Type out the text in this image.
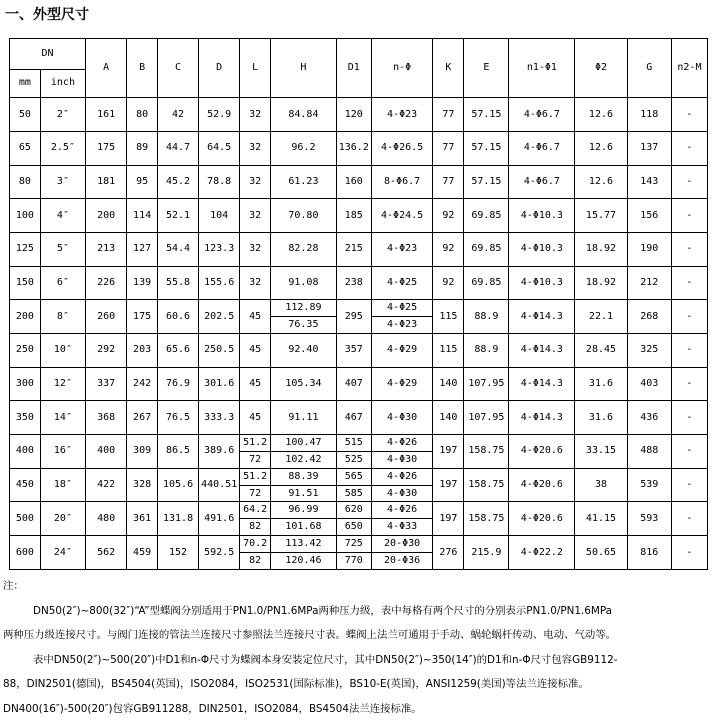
一、外型尺寸
DN		A	B	C	D	L	H	D1	n-Φ	K	E	n1-Φ1	Φ2	G	n2-M
mm	inch														
50	2″	161	80	42	52.9	32	84.84	120	4-Φ23	77	57.15	4-Φ6.7	12.6	118	-
65	2.5″	175	89	44.7	64.5	32	96.2	136.2	4-Φ26.5	77	57.15	4-Φ6.7	12.6	137	-
80	3″	181	95	45.2	78.8	32	61.23	160	8-Φ6.7	77	57.15	4-Φ6.7	12.6	143	-
100	4″	200	114	52.1	104	32	70.80	185	4-Φ24.5	92	69.85	4-Φ10.3	15.77	156	-
125	5″	213	127	54.4	123.3	32	82.28	215	4-Φ23	92	69.85	4-Φ10.3	18.92	190	-
150	6″	226	139	55.8	155.6	32	91.08	238	4-Φ25	92	69.85	4-Φ10.3	18.92	212	-
200	8″	260	175	60.6	202.5	45	112.89	295	4-Φ25	115	88.9	4-Φ14.3	22.1	268	-
							76.35		4-Φ23						
250	10″	292	203	65.6	250.5	45	92.40	357	4-Φ29	115	88.9	4-Φ14.3	28.45	325	-
300	12″	337	242	76.9	301.6	45	105.34	407	4-Φ29	140	107.95	4-Φ14.3	31.6	403	-
350	14″	368	267	76.5	333.3	45	91.11	467	4-Φ30	140	107.95	4-Φ14.3	31.6	436	-
400	16″	400	309	86.5	389.6	51.2	100.47	515	4-Φ26	197	158.75	4-Φ20.6	33.15	488	-
						72	102.42	525	4-Φ30						
450	18″	422	328	105.6	440.51	51.2	88.39	565	4-Φ26	197	158.75	4-Φ20.6	38	539	-
						72	91.51	585	4-Φ30						
500	20″	480	361	131.8	491.6	64.2	96.99	620	4-Φ26	197	158.75	4-Φ20.6	41.15	593	-
						82	101.68	650	4-Φ33						
600	24″	562	459	152	592.5	70.2	113.42	725	20-Φ30	276	215.9	4-Φ22.2	50.65	816	-
						82	120.46	770	20-Φ36						

注：

DN50(2″)~800(32″)“A”型蝶阀分别适用于PN1.0/PN1.6MPa两种压力级，表中每格有两个尺寸的分别表示PN1.0/PN1.6MPa

两种压力级连接尺寸。与阀门连接的管法兰连接尺寸参照法兰连接尺寸表。蝶阀上法兰可通用于手动、蜗轮蜗杆传动、电动、气动等。

表中DN50(2″)~500(20″)中D1和n-Φ尺寸为蝶阀本身安装定位尺寸，其中DN50(2″)~350(14″)的D1和n-Φ尺寸包容GB9112-

88，DIN2501(德国)，BS4504(英国)，ISO2084，ISO2531(国际标准)，BS10-E(英国)，ANSI1259(美国)等法兰连接标准。

DN400(16″)-500(20″)包容GB911288，DIN2501，ISO2084，BS4504法兰连接标准。
